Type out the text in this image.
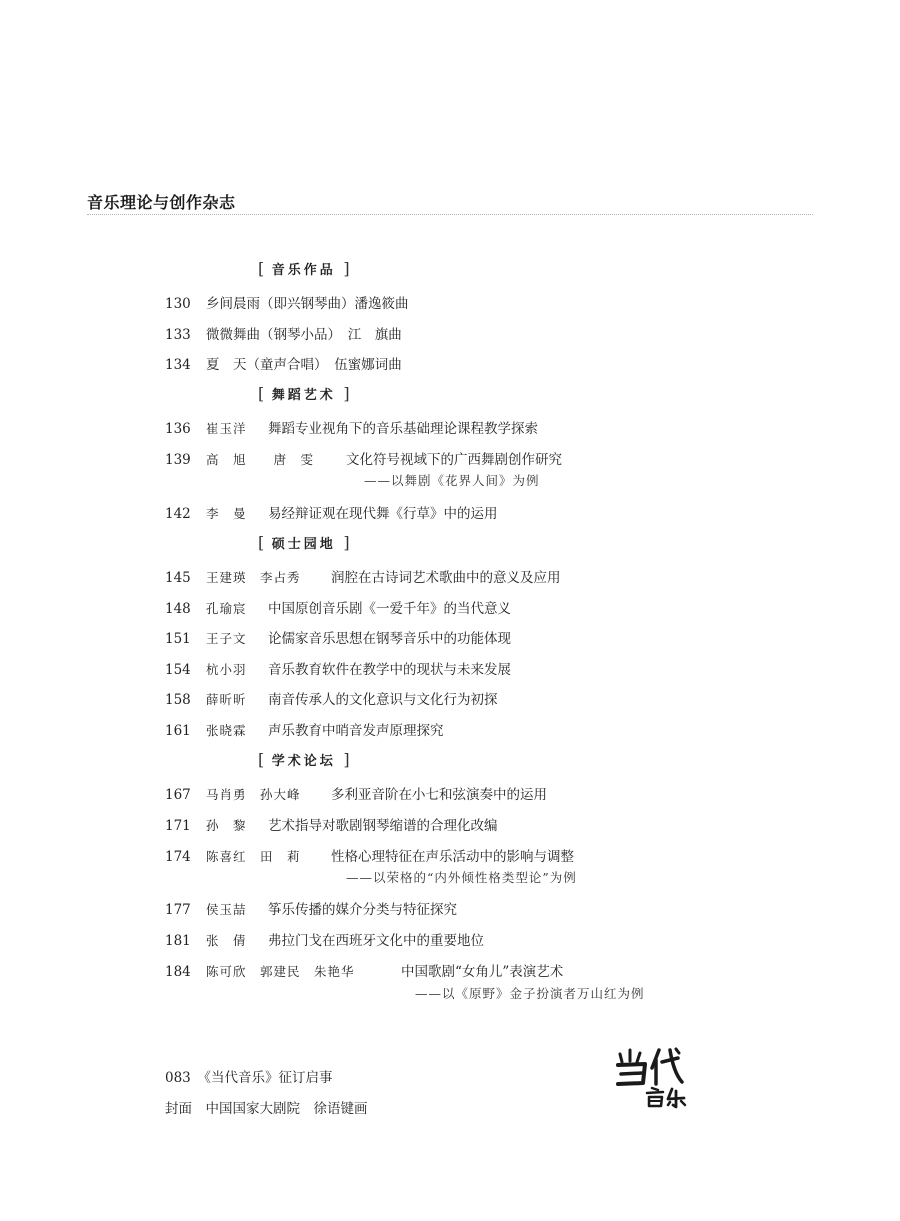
音乐理论与创作杂志
[ 音乐作品 ]
130 乡间晨雨（即兴钢琴曲）潘逸筱曲
133 微微舞曲（钢琴小品）　江　旗曲
134 夏　天（童声合唱）　伍蜜娜词曲
[ 舞蹈艺术 ]
136 崔玉洋 舞蹈专业视角下的音乐基础理论课程教学探索
139 高　旭　　唐　雯 文化符号视域下的广西舞剧创作研究
——以舞剧《花界人间》为例
142 李　曼 易经辩证观在现代舞《行草》中的运用
[ 硕士园地 ]
145 王建瑛　李占秀 润腔在古诗词艺术歌曲中的意义及应用
148 孔瑜宸 中国原创音乐剧《一爱千年》的当代意义
151 王子文 论儒家音乐思想在钢琴音乐中的功能体现
154 杭小羽 音乐教育软件在教学中的现状与未来发展
158 薛昕昕 南音传承人的文化意识与文化行为初探
161 张晓霖 声乐教育中哨音发声原理探究
[ 学术论坛 ]
167 马肖勇　孙大峰 多利亚音阶在小七和弦演奏中的运用
171 孙　黎 艺术指导对歌剧钢琴缩谱的合理化改编
174 陈喜红　田　莉 性格心理特征在声乐活动中的影响与调整
——以荣格的“内外倾性格类型论”为例
177 侯玉喆 筝乐传播的媒介分类与特征探究
181 张　倩 弗拉门戈在西班牙文化中的重要地位
184 陈可欣　郭建民　朱艳华	中国歌剧“女角儿”表演艺术
——以《原野》金子扮演者万山红为例
083　《当代音乐》征订启事
封面　中国国家大剧院　徐语键画
